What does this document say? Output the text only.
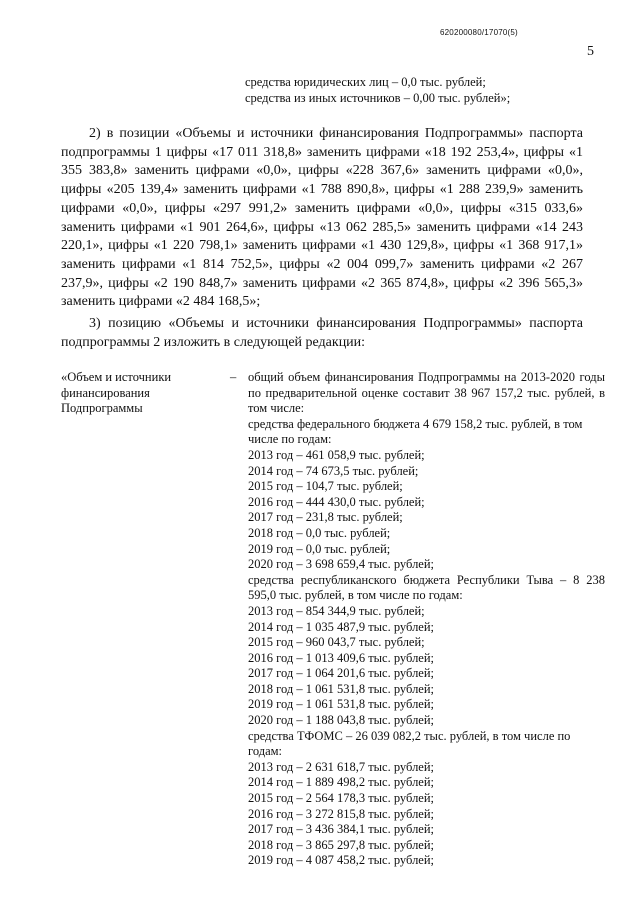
620200080/17070(5)
5
средства юридических лиц – 0,0 тыс. рублей;
средства из иных источников – 0,00 тыс. рублей»;
2) в позиции «Объемы и источники финансирования Подпрограммы» паспорта подпрограммы 1 цифры «17 011 318,8» заменить цифрами «18 192 253,4», цифры «1 355 383,8» заменить цифрами «0,0», цифры «228 367,6» заменить цифрами «0,0», цифры «205 139,4» заменить цифрами «1 788 890,8», цифры «1 288 239,9» заменить цифрами «0,0», цифры «297 991,2» заменить цифрами «0,0», цифры «315 033,6» заменить цифрами «1 901 264,6», цифры «13 062 285,5» заменить цифрами «14 243 220,1», цифры «1 220 798,1» заменить цифрами «1 430 129,8», цифры «1 368 917,1» заменить цифрами «1 814 752,5», цифры «2 004 099,7» заменить цифрами «2 267 237,9», цифры «2 190 848,7» заменить цифрами «2 365 874,8», цифры «2 396 565,3» заменить цифрами «2 484 168,5»;
3) позицию «Объемы и источники финансирования Подпрограммы» паспорта подпрограммы 2 изложить в следующей редакции:
«Объем и источники финансирования Подпрограммы
– общий объем финансирования Подпрограммы на 2013-2020 годы по предварительной оценке составит 38 967 157,2 тыс. рублей, в том числе:
средства федерального бюджета 4 679 158,2 тыс. рублей, в том числе по годам:
2013 год – 461 058,9 тыс. рублей;
2014 год – 74 673,5 тыс. рублей;
2015 год – 104,7 тыс. рублей;
2016 год – 444 430,0 тыс. рублей;
2017 год – 231,8 тыс. рублей;
2018 год – 0,0 тыс. рублей;
2019 год – 0,0 тыс. рублей;
2020 год – 3 698 659,4 тыс. рублей;
средства республиканского бюджета Республики Тыва – 8 238 595,0 тыс. рублей, в том числе по годам:
2013 год – 854 344,9 тыс. рублей;
2014 год – 1 035 487,9 тыс. рублей;
2015 год – 960 043,7 тыс. рублей;
2016 год – 1 013 409,6 тыс. рублей;
2017 год – 1 064 201,6 тыс. рублей;
2018 год – 1 061 531,8 тыс. рублей;
2019 год – 1 061 531,8 тыс. рублей;
2020 год – 1 188 043,8 тыс. рублей;
средства ТФОМС – 26 039 082,2 тыс. рублей, в том числе по годам:
2013 год – 2 631 618,7 тыс. рублей;
2014 год – 1 889 498,2 тыс. рублей;
2015 год – 2 564 178,3 тыс. рублей;
2016 год – 3 272 815,8 тыс. рублей;
2017 год – 3 436 384,1 тыс. рублей;
2018 год – 3 865 297,8 тыс. рублей;
2019 год – 4 087 458,2 тыс. рублей;
